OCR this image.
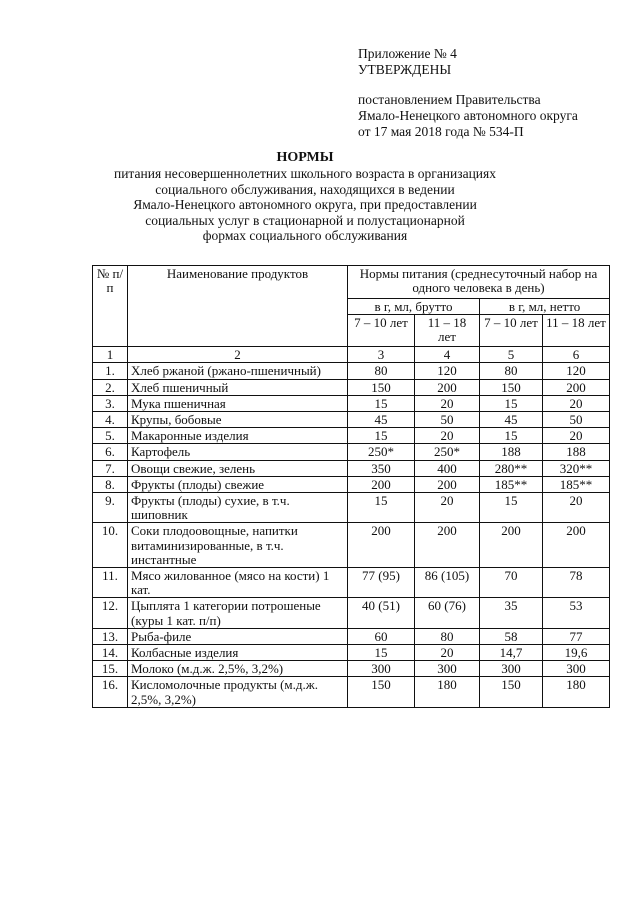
Приложение № 4
УТВЕРЖДЕНЫ
постановлением Правительства
Ямало-Ненецкого автономного округа
от 17 мая 2018 года № 534-П
НОРМЫ
питания несовершеннолетних школьного возраста в организациях
социального обслуживания, находящихся в ведении
Ямало-Ненецкого автономного округа, при предоставлении
социальных услуг в стационарной и полустационарной
формах социального обслуживания
№ п/п	Наименование продуктов	Нормы питания (среднесуточный набор на одного человека в день)			
		в г, мл, брутто		в г, мл, нетто	
		7 – 10 лет	11 – 18 лет	7 – 10 лет	11 – 18 лет
1	2	3	4	5	6
1.	Хлеб ржаной (ржано-пшеничный)	80	120	80	120
2.	Хлеб пшеничный	150	200	150	200
3.	Мука пшеничная	15	20	15	20
4.	Крупы, бобовые	45	50	45	50
5.	Макаронные изделия	15	20	15	20
6.	Картофель	250*	250*	188	188
7.	Овощи свежие, зелень	350	400	280**	320**
8.	Фрукты (плоды) свежие	200	200	185**	185**
9.	Фрукты (плоды) сухие, в т.ч. шиповник	15	20	15	20
10.	Соки плодоовощные, напитки витаминизированные, в т.ч. инстантные	200	200	200	200
11.	Мясо жилованное (мясо на кости) 1 кат.	77 (95)	86 (105)	70	78
12.	Цыплята 1 категории потрошеные (куры 1 кат. п/п)	40 (51)	60 (76)	35	53
13.	Рыба-филе	60	80	58	77
14.	Колбасные изделия	15	20	14,7	19,6
15.	Молоко (м.д.ж. 2,5%, 3,2%)	300	300	300	300
16.	Кисломолочные продукты (м.д.ж. 2,5%, 3,2%)	150	180	150	180
